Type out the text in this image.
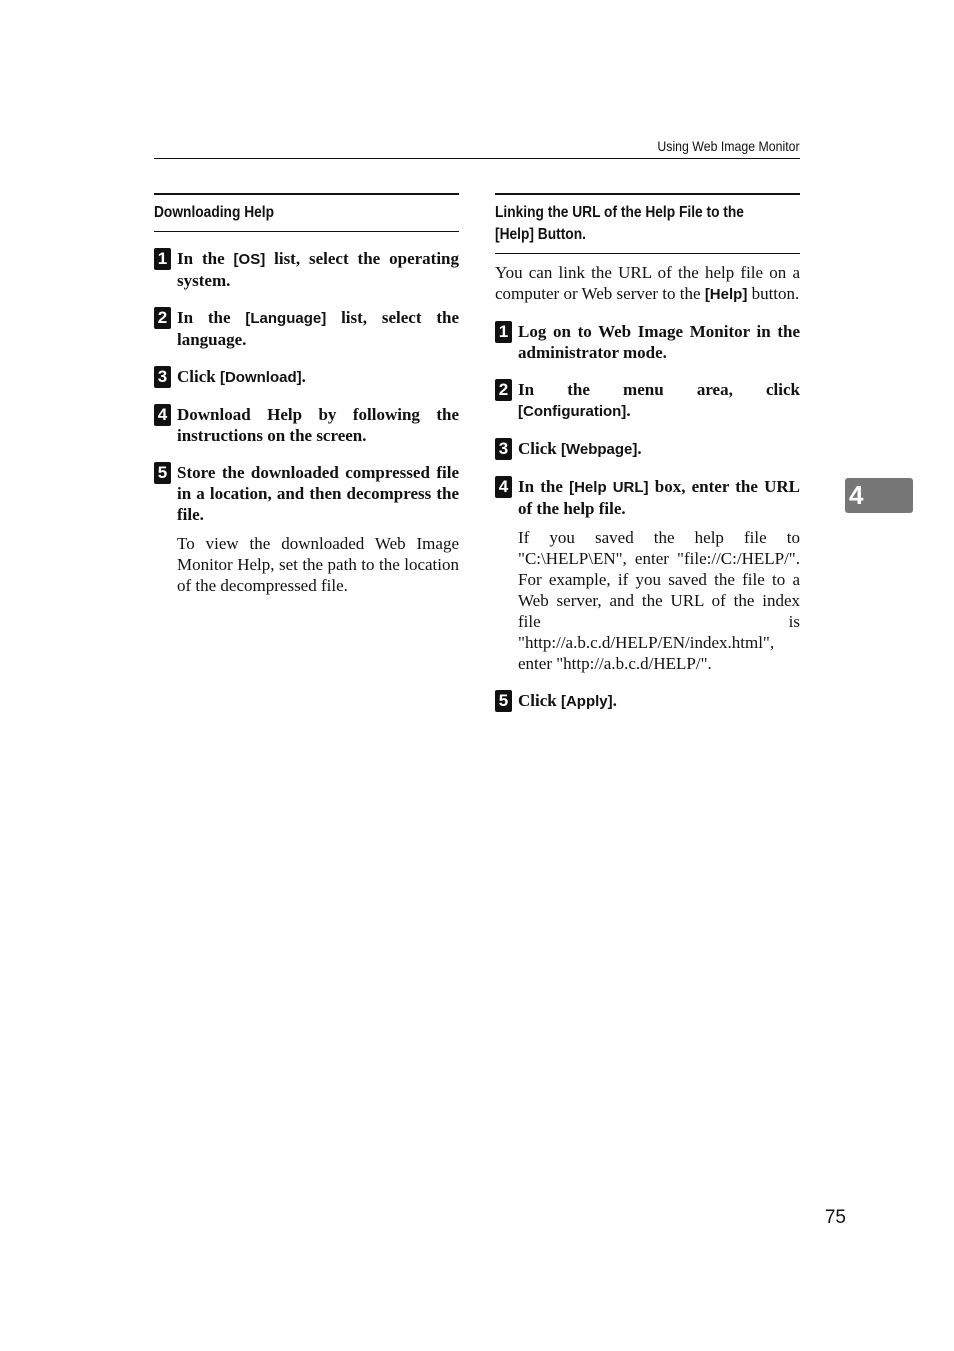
Using Web Image Monitor
Downloading Help
1 In the [OS] list, select the operating system.
2 In the [Language] list, select the language.
3 Click [Download].
4 Download Help by following the instructions on the screen.
5 Store the downloaded compressed file in a location, and then decompress the file.
To view the downloaded Web Image Monitor Help, set the path to the location of the decompressed file.
Linking the URL of the Help File to the
[Help] Button.
You can link the URL of the help file on a computer or Web server to the [Help] button.
1 Log on to Web Image Monitor in the administrator mode.
2 In the menu area, click [Configuration].
3 Click [Webpage].
4 In the [Help URL] box, enter the URL of the help file.
If you saved the help file to "C:\HELP\EN", enter "file://C:/HELP/". For example, if you saved the file to a Web server, and the URL of the index file is "http://a.b.c.d/HELP/EN/index.html", enter "http://a.b.c.d/HELP/".
5 Click [Apply].
4
75
